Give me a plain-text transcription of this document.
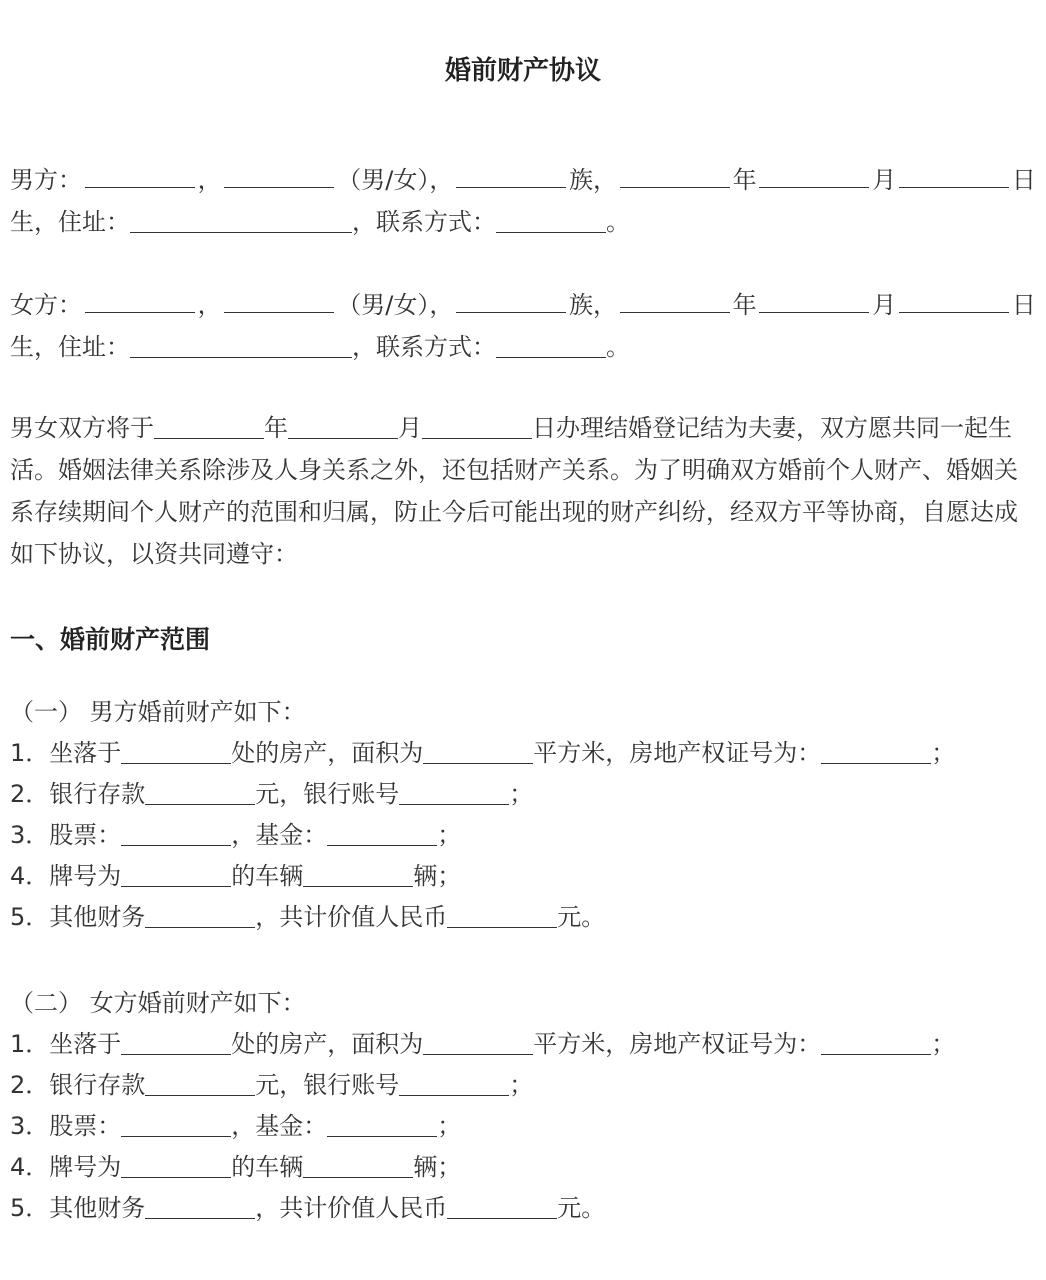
婚前财产协议
男方：	，	（男/女），	族，	年	月	日
生，住址：	，联系方式：	。
女方：	，	（男/女），	族，	年	月	日
生，住址：	，联系方式：	。
男女双方将于	年	月	日办理结婚登记结为夫妻，双方愿共同一起生活。婚姻法律关系除涉及人身关系之外，还包括财产关系。为了明确双方婚前个人财产、婚姻关系存续期间个人财产的范围和归属，防止今后可能出现的财产纠纷，经双方平等协商，自愿达成如下协议，以资共同遵守：
一、婚前财产范围
（一） 男方婚前财产如下：
1．坐落于	处的房产，面积为	平方米，房地产权证号为：	；
2．银行存款	元，银行账号	；
3．股票：	，基金：	；
4．牌号为	的车辆	辆；
5．其他财务	，共计价值人民币	元。
（二） 女方婚前财产如下：
1．坐落于	处的房产，面积为	平方米，房地产权证号为：	；
2．银行存款	元，银行账号	；
3．股票：	，基金：	；
4．牌号为	的车辆	辆；
5．其他财务	，共计价值人民币	元。
